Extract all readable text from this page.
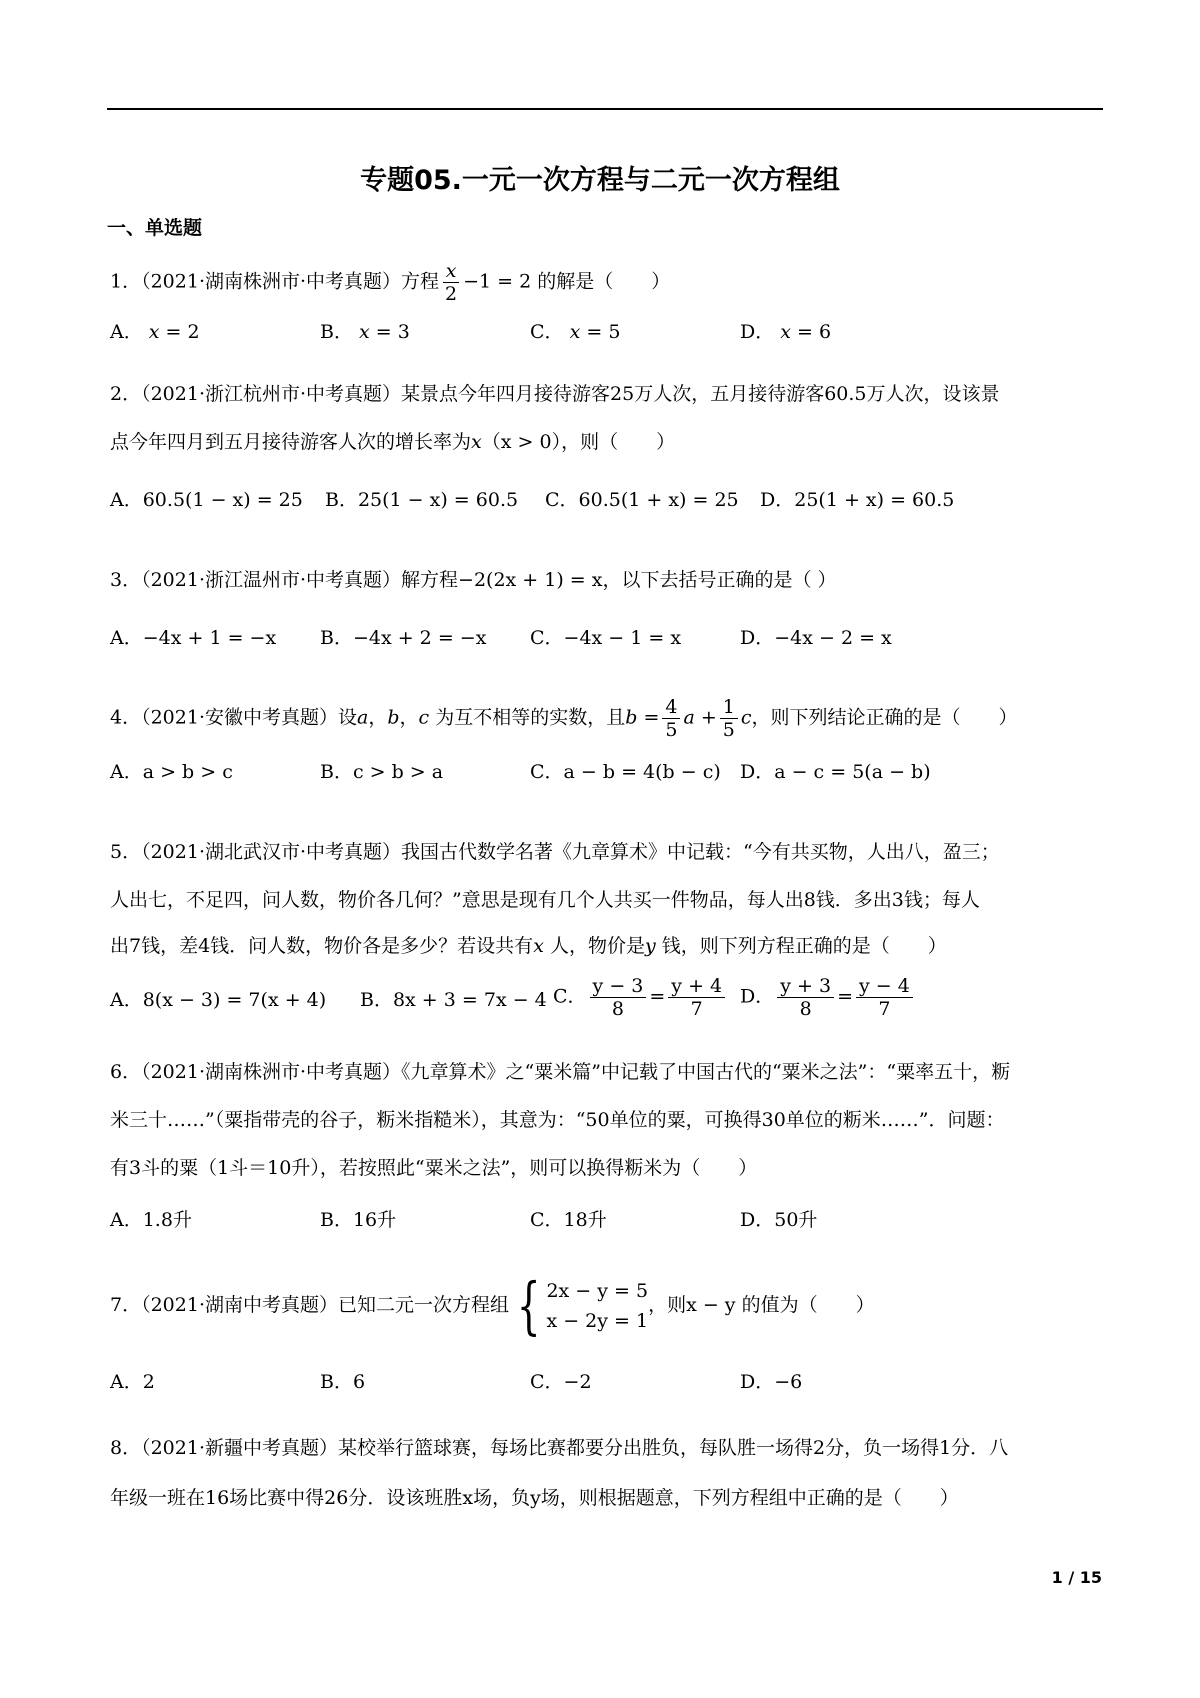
专题05.一元一次方程与二元一次方程组
一、单选题
1．（2021·湖南株洲市·中考真题）方程 $\frac{x}{2} -1 = 2$ 的解是（　　）
A． x = 2	B． x = 3	C． x = 5	D． x = 6
2．（2021·浙江杭州市·中考真题）某景点今年四月接待游客25万人次，五月接待游客60.5万人次，设该景
点今年四月到五月接待游客人次的增长率为x（x > 0），则（　　）
A．60.5(1 − x) = 25 B．25(1 − x) = 60.5 C．60.5(1 + x) = 25 D．25(1 + x) = 60.5
3．（2021·浙江温州市·中考真题）解方程−2(2x + 1) = x，以下去括号正确的是（ ）
A．−4x + 1 = −x B．−4x + 2 = −x C．−4x − 1 = x	D．−4x − 2 = x
4．（2021·安徽中考真题）设a，b，c 为互不相等的实数，且$b = \frac{4}{5}$ $a + \frac{1}{5}$ c，则下列结论正确的是（　　）
A．a > b > c	B．c > b > a	C．a − b = 4(b − c) D．a − c = 5(a − b)
5．（2021·湖北武汉市·中考真题）我国古代数学名著《九章算术》中记载：“今有共买物，人出八，盈三；
人出七，不足四，问人数，物价各几何？”意思是现有几个人共买一件物品，每人出8钱．多出3钱；每人
出7钱，差4钱．问人数，物价各是多少？若设共有x 人，物价是y 钱，则下列方程正确的是（　　）
A．8(x − 3) = 7(x + 4) B．8x + 3 = 7x − 4 C． $\frac{y - 3}{8} = \frac{y + 4}{7}$ D． $\frac{y + 3}{8} = \frac{y - 4}{7}$
6．（2021·湖南株洲市·中考真题）《九章算术》之“粟米篇”中记载了中国古代的“粟米之法”：“粟率五十，粝
米三十……”（粟指带壳的谷子，粝米指糙米），其意为：“50单位的粟，可换得30单位的粝米……”．问题：
有3斗的粟（1斗＝10升），若按照此“粟米之法”，则可以换得粝米为（　　）
A．1.8升	B．16升	C．18升	D．50升
7．（2021·湖南中考真题）已知二元一次方程组 { 2x − y = 5
x − 2y = 1
，则x − y 的值为（　　）
A．2	B．6	C．−2	D．−6
8．（2021·新疆中考真题）某校举行篮球赛，每场比赛都要分出胜负，每队胜一场得2分，负一场得1分．八
年级一班在16场比赛中得26分．设该班胜x场，负y场，则根据题意，下列方程组中正确的是（　　）
1 / 15
